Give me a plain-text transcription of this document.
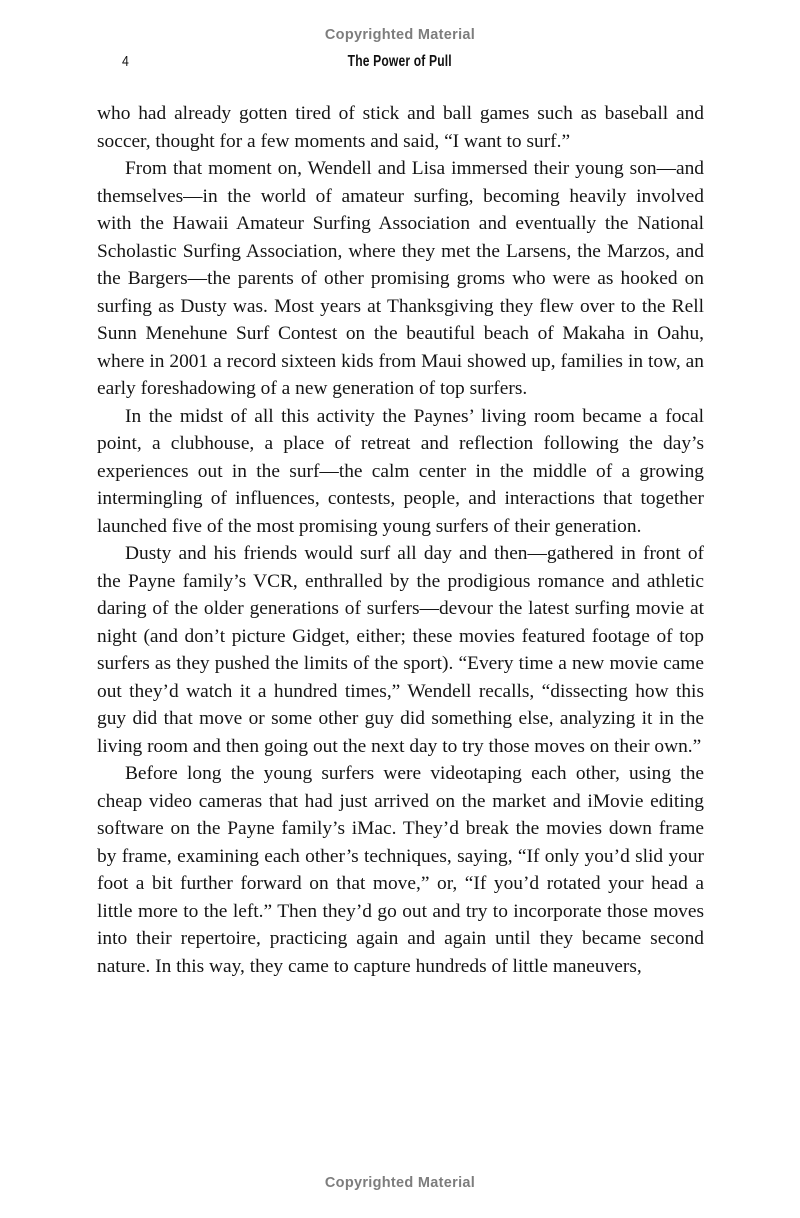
Copyrighted Material
4	The Power of Pull

who had already gotten tired of stick and ball games such as baseball and soccer, thought for a few moments and said, “I want to surf.”

From that moment on, Wendell and Lisa immersed their young son—and themselves—in the world of amateur surfing, becoming heavily involved with the Hawaii Amateur Surfing Association and eventually the National Scholastic Surfing Association, where they met the Larsens, the Marzos, and the Bargers—the parents of other promising groms who were as hooked on surfing as Dusty was. Most years at Thanksgiving they flew over to the Rell Sunn Menehune Surf Contest on the beautiful beach of Makaha in Oahu, where in 2001 a record sixteen kids from Maui showed up, families in tow, an early foreshadowing of a new generation of top surfers.

In the midst of all this activity the Paynes’ living room became a focal point, a clubhouse, a place of retreat and reflection following the day’s experiences out in the surf—the calm center in the middle of a growing intermingling of influences, contests, people, and interactions that together launched five of the most promising young surfers of their generation.

Dusty and his friends would surf all day and then—gathered in front of the Payne family’s VCR, enthralled by the prodigious romance and athletic daring of the older generations of surfers—devour the latest surfing movie at night (and don’t picture Gidget, either; these movies featured footage of top surfers as they pushed the limits of the sport). “Every time a new movie came out they’d watch it a hundred times,” Wendell recalls, “dissecting how this guy did that move or some other guy did something else, analyzing it in the living room and then going out the next day to try those moves on their own.”

Before long the young surfers were videotaping each other, using the cheap video cameras that had just arrived on the market and iMovie editing software on the Payne family’s iMac. They’d break the movies down frame by frame, examining each other’s techniques, saying, “If only you’d slid your foot a bit further forward on that move,” or, “If you’d rotated your head a little more to the left.” Then they’d go out and try to incorporate those moves into their repertoire, practicing again and again until they became second nature. In this way, they came to capture hundreds of little maneuvers,

Copyrighted Material
